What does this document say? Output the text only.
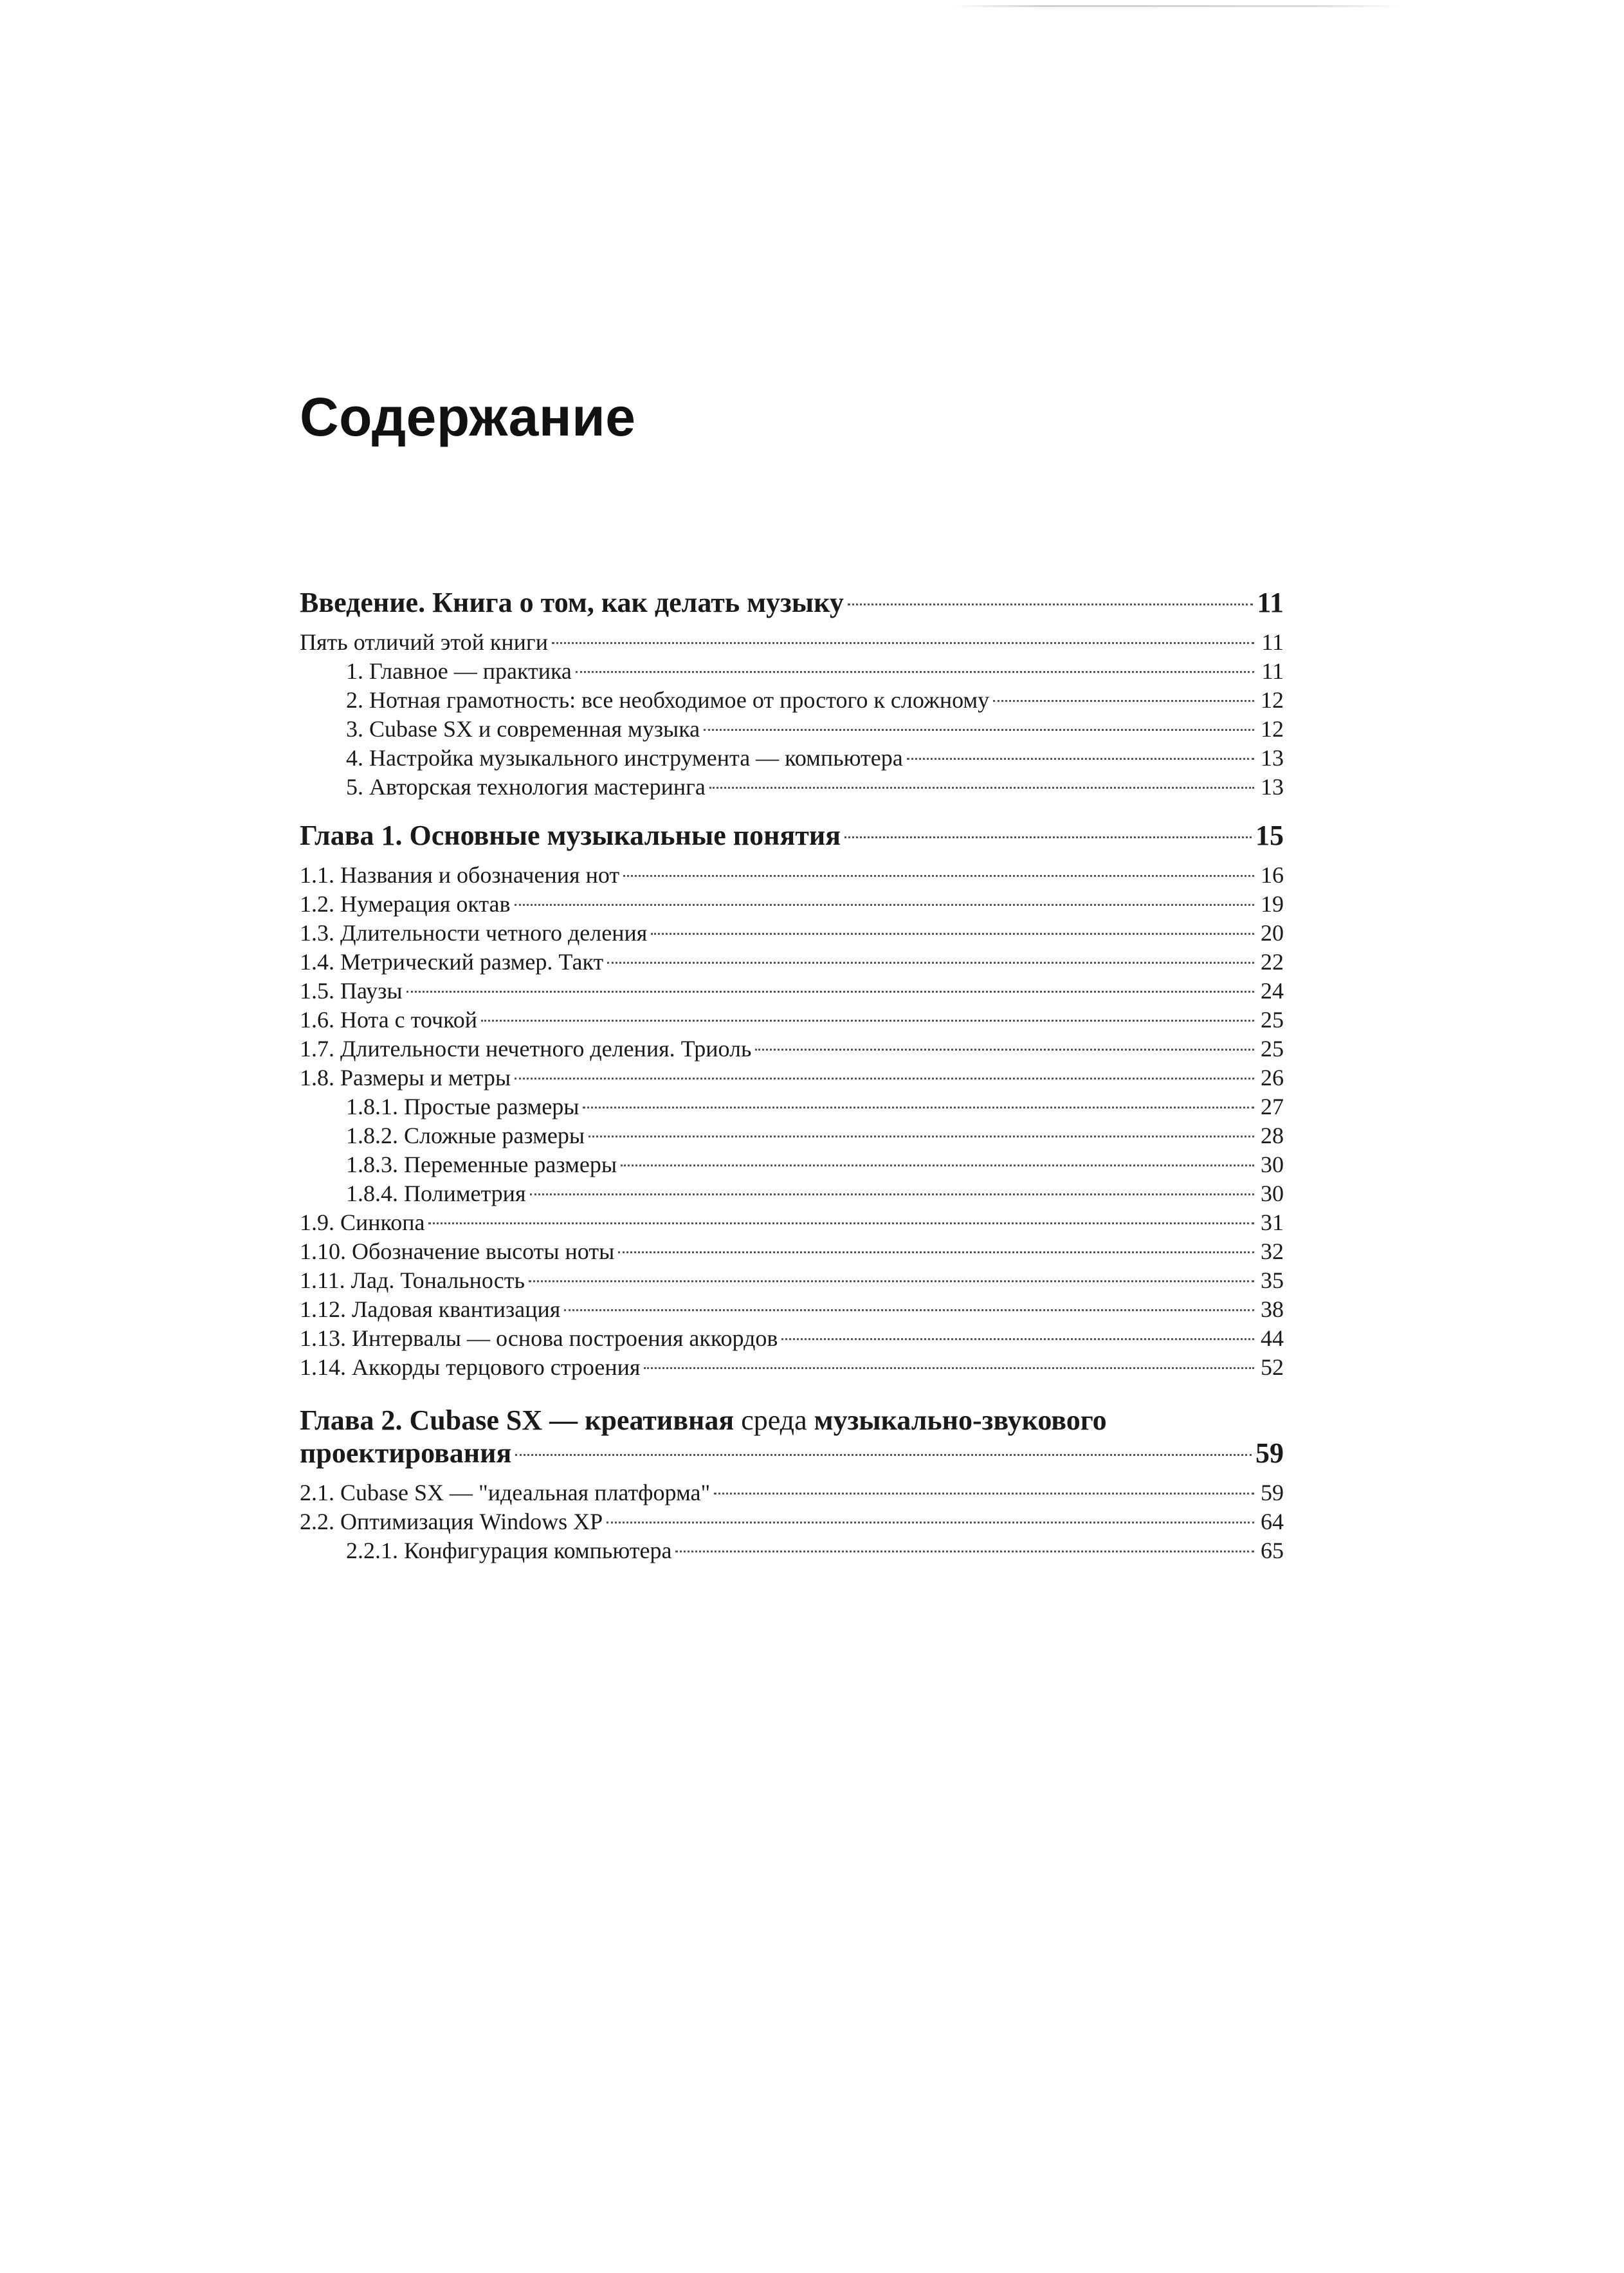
Содержание
Введение. Книга о том, как делать музыку	11
Пять отличий этой книги	11
1. Главное — практика	11
2. Нотная грамотность: все необходимое от простого к сложному	12
3. Cubase SX и современная музыка	12
4. Настройка музыкального инструмента — компьютера	13
5. Авторская технология мастеринга	13
Глава 1. Основные музыкальные понятия	15
1.1. Названия и обозначения нот	16
1.2. Нумерация октав	19
1.3. Длительности четного деления	20
1.4. Метрический размер. Такт	22
1.5. Паузы	24
1.6. Нота с точкой	25
1.7. Длительности нечетного деления. Триоль	25
1.8. Размеры и метры	26
1.8.1. Простые размеры	27
1.8.2. Сложные размеры	28
1.8.3. Переменные размеры	30
1.8.4. Полиметрия	30
1.9. Синкопа	31
1.10. Обозначение высоты ноты	32
1.11. Лад. Тональность	35
1.12. Ладовая квантизация	38
1.13. Интервалы — основа построения аккордов	44
1.14. Аккорды терцового строения	52
Глава 2. Cubase SX — креативная среда музыкально-звукового
проектирования	59
2.1. Cubase SX — "идеальная платформа"	59
2.2. Оптимизация Windows XP	64
2.2.1. Конфигурация компьютера	65
